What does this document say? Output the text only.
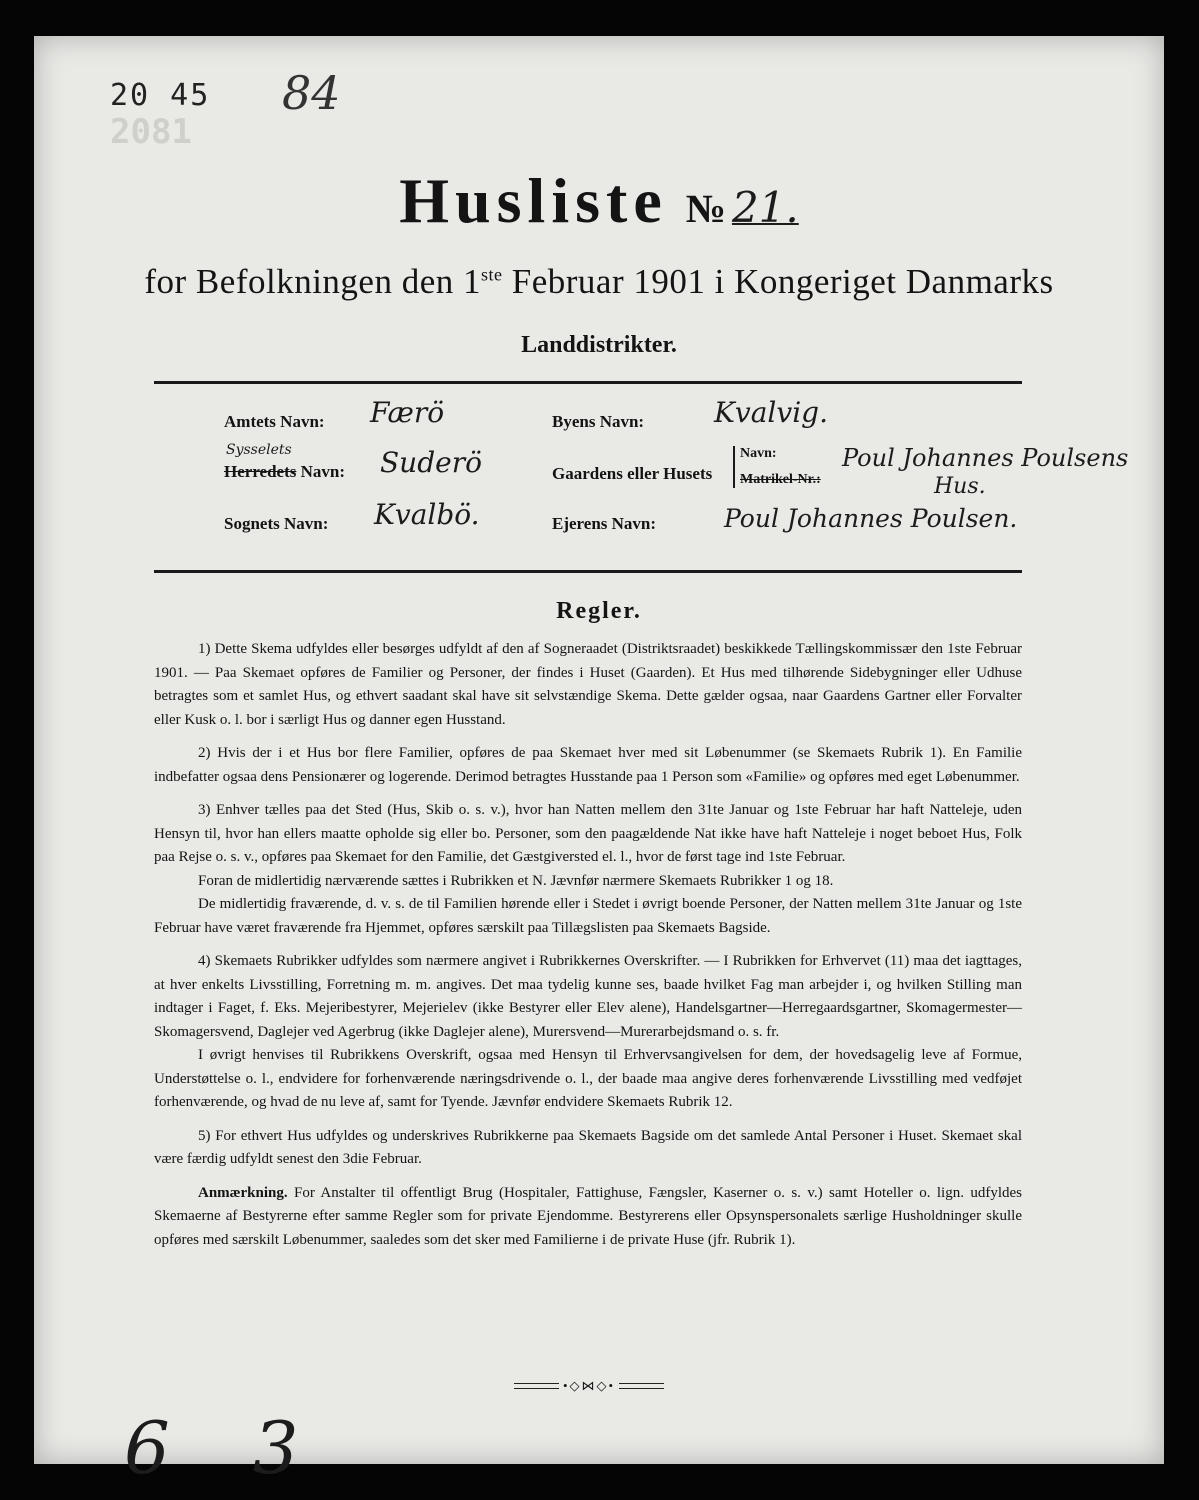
20 45
2081
84
Husliste № 21.
for Befolkningen den 1ste Februar 1901 i Kongeriget Danmarks
Landdistrikter.
Amtets Navn: Færö
Sysselets
Herredets Navn: Suderö
Sognets Navn: Kvalbö.
Byens Navn: Kvalvig.
Gaardens eller Husets
Navn:
Matrikel-Nr.:
Poul Johannes Poulsens
Hus.
Ejerens Navn:	Poul Johannes Poulsen.
Regler.

1) Dette Skema udfyldes eller besørges udfyldt af den af Sogneraadet (Distriktsraadet) beskikkede Tællingskommissær den 1ste Februar 1901. — Paa Skemaet opføres de Familier og Personer, der findes i Huset (Gaarden). Et Hus med tilhørende Sidebygninger eller Udhuse betragtes som et samlet Hus, og ethvert saadant skal have sit selvstændige Skema. Dette gælder ogsaa, naar Gaardens Gartner eller Forvalter eller Kusk o. l. bor i særligt Hus og danner egen Husstand.

2) Hvis der i et Hus bor flere Familier, opføres de paa Skemaet hver med sit Løbenummer (se Skemaets Rubrik 1). En Familie indbefatter ogsaa dens Pensionærer og logerende. Derimod betragtes Husstande paa 1 Person som «Familie» og opføres med eget Løbenummer.

3) Enhver tælles paa det Sted (Hus, Skib o. s. v.), hvor han Natten mellem den 31te Januar og 1ste Februar har haft Natteleje, uden Hensyn til, hvor han ellers maatte opholde sig eller bo. Personer, som den paagældende Nat ikke have haft Natteleje i noget beboet Hus, Folk paa Rejse o. s. v., opføres paa Skemaet for den Familie, det Gæstgiversted el. l., hvor de først tage ind 1ste Februar.

Foran de midlertidig nærværende sættes i Rubrikken et N. Jævnfør nærmere Skemaets Rubrikker 1 og 18.

De midlertidig fraværende, d. v. s. de til Familien hørende eller i Stedet i øvrigt boende Personer, der Natten mellem 31te Januar og 1ste Februar have været fraværende fra Hjemmet, opføres særskilt paa Tillægslisten paa Skemaets Bagside.

4) Skemaets Rubrikker udfyldes som nærmere angivet i Rubrikkernes Overskrifter. — I Rubrikken for Erhvervet (11) maa det iagttages, at hver enkelts Livsstilling, Forretning m. m. angives. Det maa tydelig kunne ses, baade hvilket Fag man arbejder i, og hvilken Stilling man indtager i Faget, f. Eks. Mejeribestyrer, Mejerielev (ikke Bestyrer eller Elev alene), Handelsgartner—Herregaardsgartner, Skomagermester—Skomagersvend, Daglejer ved Agerbrug (ikke Daglejer alene), Murersvend—Murerarbejdsmand o. s. fr.

I øvrigt henvises til Rubrikkens Overskrift, ogsaa med Hensyn til Erhvervsangivelsen for dem, der hovedsagelig leve af Formue, Understøttelse o. l., endvidere for forhenværende næringsdrivende o. l., der baade maa angive deres forhenværende Livsstilling med vedføjet forhenværende, og hvad de nu leve af, samt for Tyende. Jævnfør endvidere Skemaets Rubrik 12.

5) For ethvert Hus udfyldes og underskrives Rubrikkerne paa Skemaets Bagside om det samlede Antal Personer i Huset. Skemaet skal være færdig udfyldt senest den 3die Februar.

Anmærkning. For Anstalter til offentligt Brug (Hospitaler, Fattighuse, Fængsler, Kaserner o. s. v.) samt Hoteller o. lign. udfyldes Skemaerne af Bestyrerne efter samme Regler som for private Ejendomme. Bestyrerens eller Opsynspersonalets særlige Husholdninger skulle opføres med særskilt Løbenummer, saaledes som det sker med Familierne i de private Huse (jfr. Rubrik 1).

•◇⋈◇•
6 3
